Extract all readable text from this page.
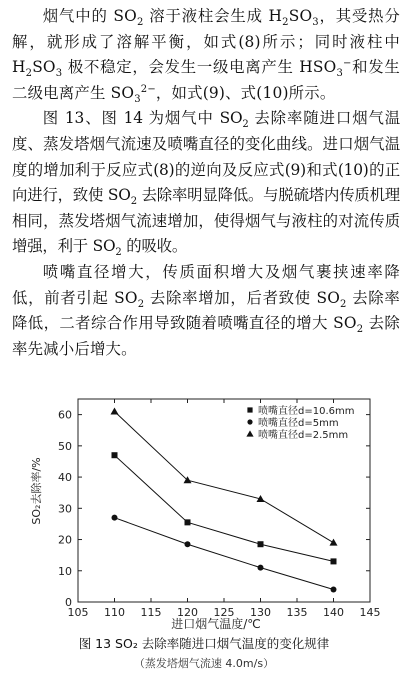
烟气中的 $SO_2$ 溶于液柱会生成 $H_2SO_3$，其受热分解，就形成了溶解平衡，如式(8)所示；同时液柱中 $H_2SO_3$ 极不稳定，会发生一级电离产生 $HSO_3^-$和发生二级电离产生 $SO_3^{2-}$，如式(9)、式(10)所示。

图 13、图 14 为烟气中 $SO_2$ 去除率随进口烟气温度、蒸发塔烟气流速及喷嘴直径的变化曲线。进口烟气温度的增加利于反应式(8)的逆向及反应式(9)和式(10)的正向进行，致使 $SO_2$ 去除率明显降低。与脱硫塔内传质机理相同，蒸发塔烟气流速增加，使得烟气与液柱的对流传质增强，利于 $SO_2$ 的吸收。

喷嘴直径增大，传质面积增大及烟气裹挟速率降低，前者引起 $SO_2$ 去除率增加，后者致使 $SO_2$ 去除率降低，二者综合作用导致随着喷嘴直径的增大 $SO_2$ 去除率先减小后增大。

105 110 115 120 125 130 135 140 145
0
10
20
30
40
50
60	喷嘴直径d=10.6mm
喷嘴直径d=5mm
喷嘴直径d=2.5mm
SO₂去除率/%
进口烟气温度/℃
图 13 SO₂ 去除率随进口烟气温度的变化规律
（蒸发塔烟气流速 4.0m/s）
